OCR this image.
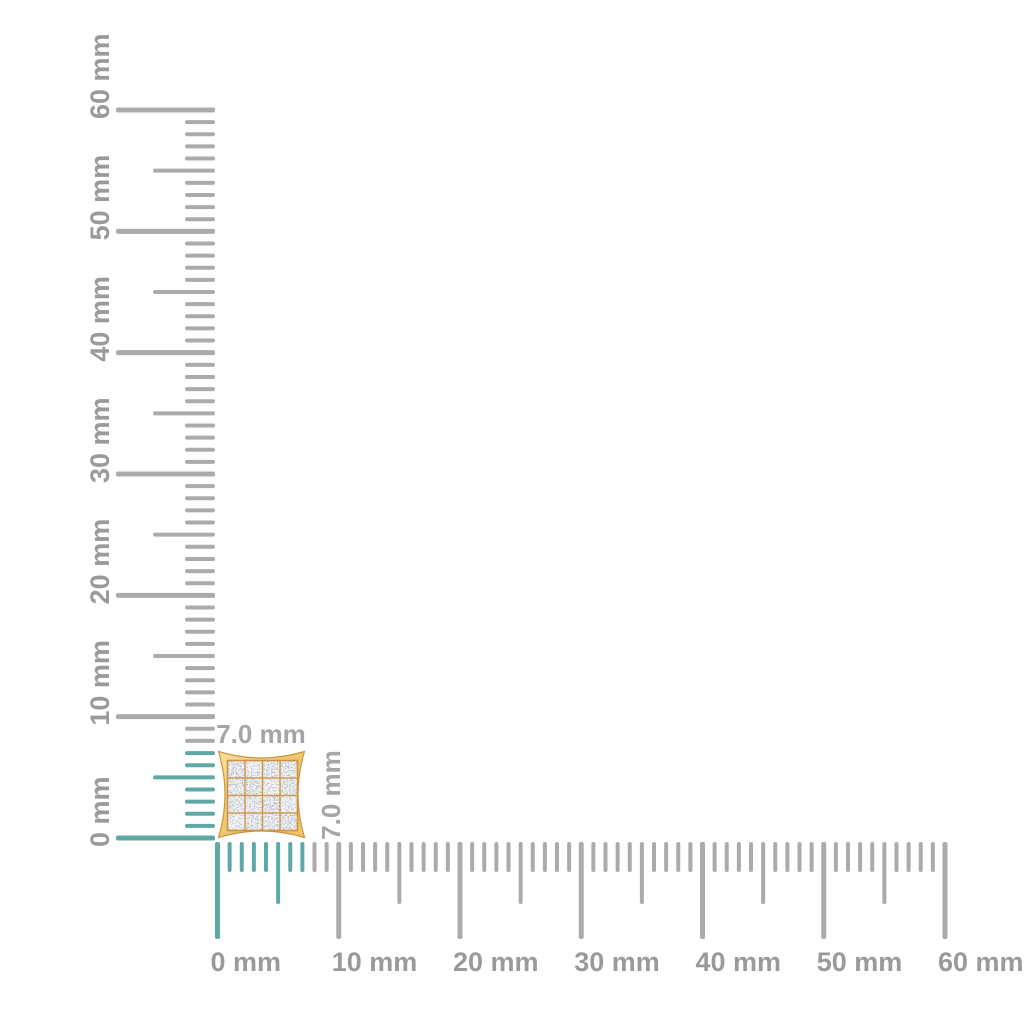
0 mm
10 mm
20 mm
30 mm
40 mm
50 mm
60 mm
0 mm 10 mm 20 mm 30 mm 40 mm 50 mm 60 mm
7.0 mm
7.0 mm
